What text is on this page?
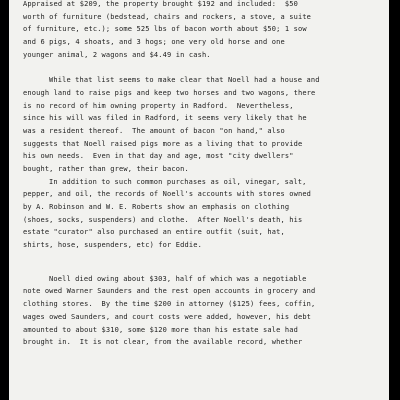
Appraised at $209, the property brought $192 and included:  $50
worth of furniture (bedstead, chairs and rockers, a stove, a suite
of furniture, etc.); some 525 lbs of bacon worth about $50; 1 sow
and 6 pigs, 4 shoats, and 3 hogs; one very old horse and one
younger animal, 2 wagons and $4.49 in cash.
While that list seems to make clear that Noell had a house and
enough land to raise pigs and keep two horses and two wagons, there
is no record of him owning property in Radford.  Nevertheless,
since his will was filed in Radford, it seems very likely that he
was a resident thereof.  The amount of bacon "on hand," also
suggests that Noell raised pigs more as a living that to provide
his own needs.  Even in that day and age, most "city dwellers"
bought, rather than grew, their bacon.
In addition to such common purchases as oil, vinegar, salt,
pepper, and oil, the records of Noell's accounts with stores owned
by A. Robinson and W. E. Roberts show an emphasis on clothing
(shoes, socks, suspenders) and clothe.  After Noell's death, his
estate "curator" also purchased an entire outfit (suit, hat,
shirts, hose, suspenders, etc) for Eddie.
Noell died owing about $303, half of which was a negotiable
note owed Warner Saunders and the rest open accounts in grocery and
clothing stores.  By the time $200 in attorney ($125) fees, coffin,
wages owed Saunders, and court costs were added, however, his debt
amounted to about $310, some $120 more than his estate sale had
brought in.  It is not clear, from the available record, whether
